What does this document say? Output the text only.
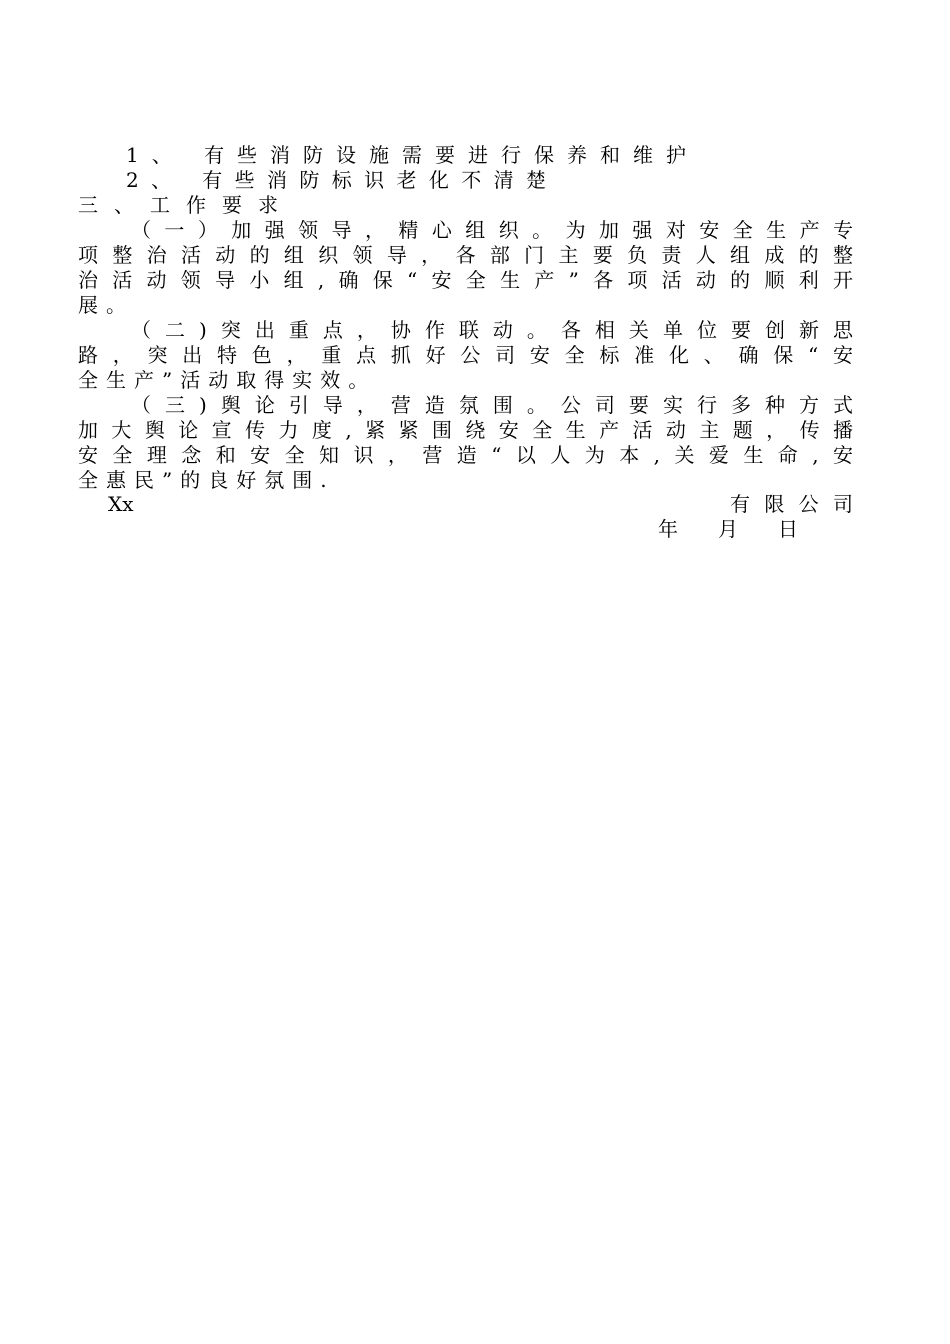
1、 有些消防设施需要进行保养和维护
2、 有些消防标识老化不清楚
三、工作要求
（一）加强领导，精心组织。为加强对安全生产专
项整治活动的组织领导，各部门主要负责人组成的整
治活动领导小组,确保“安全生产”各项活动的顺利开
展。
（二)突出重点，协作联动。各相关单位要创新思
路，突出特色，重点抓好公司安全标准化、确保“安
全生产”活动取得实效。
（三)舆论引导，营造氛围。公司要实行多种方式
加大舆论宣传力度,紧紧围绕安全生产活动主题，传播
安全理念和安全知识，营造“以人为本,关爱生命,安
全惠民”的良好氛围.
Xx	有限公司
年 月 日
